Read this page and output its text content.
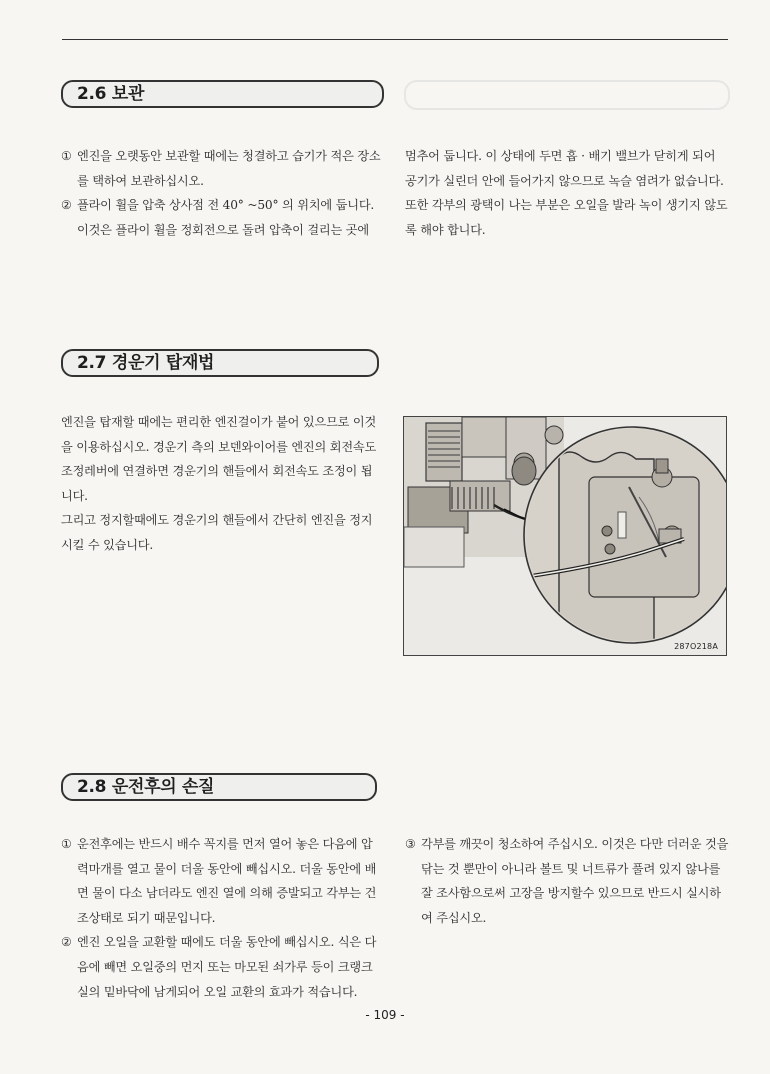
2.6 보관

① 엔진을 오랫동안 보관할 때에는 청결하고 습기가 적은 장소를 택하여 보관하십시오.

② 플라이 휠을 압축 상사점 전 40° ~50° 의 위치에 둡니다. 이것은 플라이 휠을 정회전으로 돌려 압축이 걸리는 곳에

멈추어 둡니다. 이 상태에 두면 흡 · 배기 밸브가 닫히게 되어 공기가 실린더 안에 들어가지 않으므로 녹슬 염려가 없습니다. 또한 각부의 광택이 나는 부분은 오일을 발라 녹이 생기지 않도록 해야 합니다.

2.7 경운기 탑재법

엔진을 탑재할 때에는 편리한 엔진걸이가 붙어 있으므로 이것을 이용하십시오. 경운기 측의 보덴와이어를 엔진의 회전속도 조정레버에 연결하면 경운기의 핸들에서 회전속도 조정이 됩니다.

그리고 정지할때에도 경운기의 핸들에서 간단히 엔진을 정지시킬 수 있습니다.

287O218A
2.8 운전후의 손질

① 운전후에는 반드시 배수 꼭지를 먼저 열어 놓은 다음에 압력마개를 열고 물이 더울 동안에 빼십시오. 더울 동안에 배면 물이 다소 남더라도 엔진 열에 의해 증발되고 각부는 건조상태로 되기 때문입니다.

② 엔진 오일을 교환할 때에도 더울 동안에 빼십시오. 식은 다음에 빼면 오일중의 먼지 또는 마모된 쇠가루 등이 크랭크실의 밑바닥에 남게되어 오일 교환의 효과가 적습니다.

③ 각부를 깨끗이 청소하여 주십시오. 이것은 다만 더러운 것을 닦는 것 뿐만이 아니라 볼트 및 너트류가 풀려 있지 않나를 잘 조사함으로써 고장을 방지할수 있으므로 반드시 실시하여 주십시오.

- 109 -
